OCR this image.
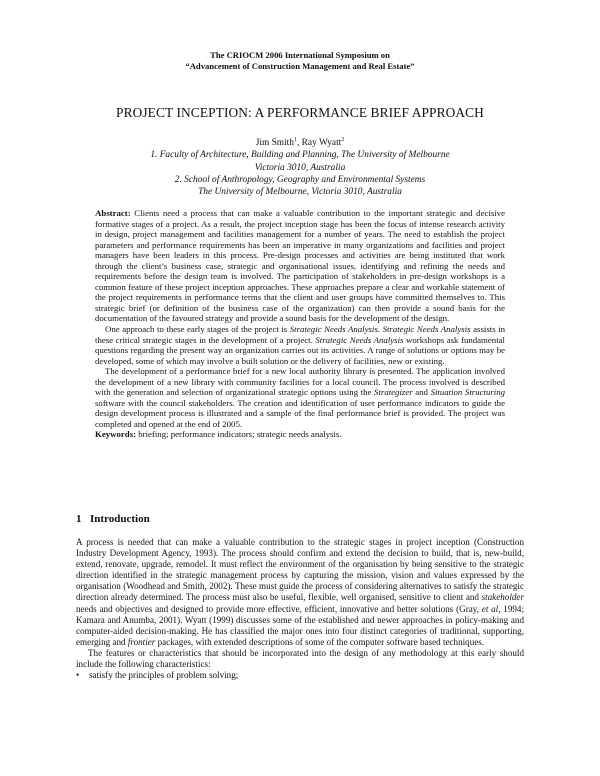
The CRIOCM 2006 International Symposium on
“Advancement of Construction Management and Real Estate”
PROJECT INCEPTION: A PERFORMANCE BRIEF APPROACH
Jim Smith$^1$, Ray Wyatt$^2$
1. Faculty of Architecture, Building and Planning, The University of Melbourne
Victoria 3010, Australia
2. School of Anthropology, Geography and Environmental Systems
The University of Melbourne, Victoria 3010, Australia

Abstract: Clients need a process that can make a valuable contribution to the important strategic and decisive formative stages of a project. As a result, the project inception stage has been the focus of intense research activity in design, project management and facilities management for a number of years. The need to establish the project parameters and performance requirements has been an imperative in many organizations and facilities and project managers have been leaders in this process. Pre-design processes and activities are being instituted that work through the client’s business case, strategic and organisational issues, identifying and refining the needs and requirements before the design team is involved. The participation of stakeholders in pre-design workshops is a common feature of these project inception approaches. These approaches prepare a clear and workable statement of the project requirements in performance terms that the client and user groups have committed themselves to. This strategic brief (or definition of the business case of the organization) can then provide a sound basis for the documentation of the favoured strategy and provide a sound basis for the development of the design.

One approach to these early stages of the project is Strategic Needs Analysis. Strategic Needs Analysis assists in these critical strategic stages in the development of a project. Strategic Needs Analysis workshops ask fundamental questions regarding the present way an organization carries out its activities. A range of solutions or options may be developed, some of which may involve a built solution or the delivery of facilities, new or existing.

The development of a performance brief for a new local authority library is presented. The application involved the development of a new library with community facilities for a local council. The process involved is described with the generation and selection of organizational strategic options using the Strategizer and Situation Structuring software with the council stakeholders. The creation and identification of user performance indicators to guide the design development process is illustrated and a sample of the final performance brief is provided. The project was completed and opened at the end of 2005.

Keywords: briefing; performance indicators; strategic needs analysis.

1 Introduction

A process is needed that can make a valuable contribution to the strategic stages in project inception (Construction Industry Development Agency, 1993). The process should confirm and extend the decision to build, that is, new-build, extend, renovate, upgrade, remodel. It must reflect the environment of the organisation by being sensitive to the strategic direction identified in the strategic management process by capturing the mission, vision and values expressed by the organisation (Woodhead and Smith, 2002). These must guide the process of considering alternatives to satisfy the strategic direction already determined. The process must also be useful, flexible, well organised, sensitive to client and stakeholder needs and objectives and designed to provide more effective, efficient, innovative and better solutions (Gray, et al, 1994; Kamara and Anumba, 2001). Wyatt (1999) discusses some of the established and newer approaches in policy-making and computer-aided decision-making. He has classified the major ones into four distinct categories of traditional, supporting, emerging and frontier packages, with extended descriptions of some of the computer software based techniques.

The features or characteristics that should be incorporated into the design of any methodology at this early should include the following characteristics:

• satisfy the principles of problem solving;
